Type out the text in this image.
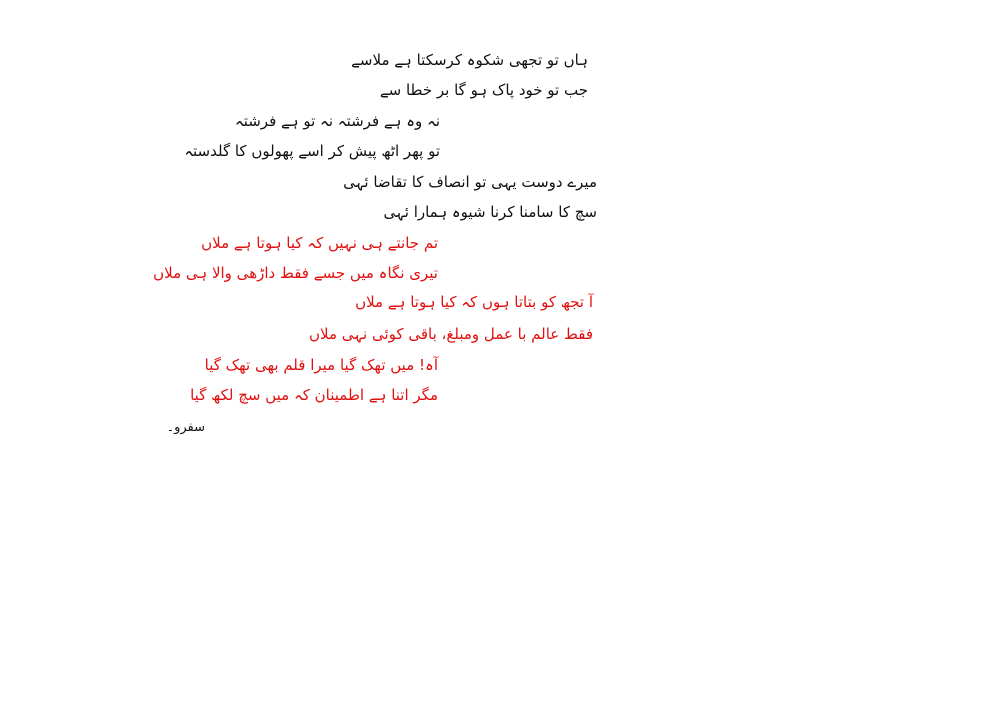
ہاں تو تجھی شکوہ کرسکتا ہے ملاسے
جب تو خود پاک ہو گا بر خطا سے
نہ وہ ہے فرشتہ نہ تو ہے فرشتہ
تو پھر اٹھ پیش کر اسے پھولوں کا گلدستہ
میرے دوست یہی تو انصاف کا تقاضا ئہی
سچ کا سامنا کرنا شیوہ ہمارا ئہی
تم جانتے ہی نہیں کہ کیا ہوتا ہے ملاں
تیری نگاہ میں جسے فقط داڑھی والا ہی ملاں
آ تجھ کو بتاتا ہوں کہ کیا ہوتا ہے ملاں
فقط عالم با عمل ومبلغ، باقی کوئی نہی ملاں
آہ! میں تھک گیا میرا قلم بھی تھک گیا
مگر اتنا ہے اطمینان کہ میں سچ لکھ گیا
سفرو۔
